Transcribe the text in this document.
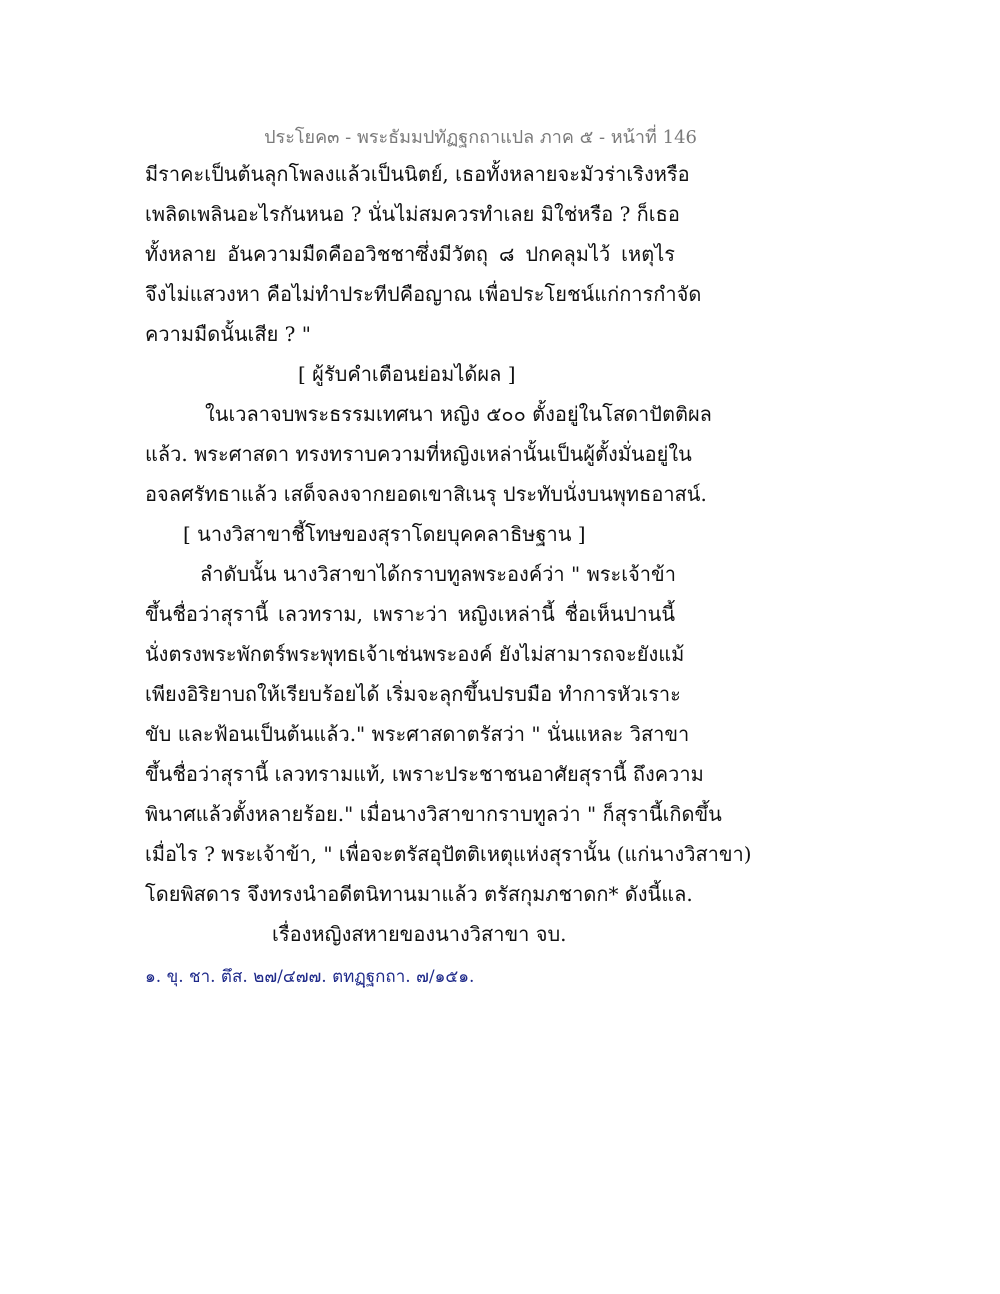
ประโยค๓ - พระธัมมปทัฏฐกถาแปล ภาค ๕ - หน้าที่ 146
มีราคะเป็นต้นลุกโพลงแล้วเป็นนิตย์, เธอทั้งหลายจะมัวร่าเริงหรือ
เพลิดเพลินอะไรกันหนอ ? นั่นไม่สมควรทำเลย มิใช่หรือ ? ก็เธอ
ทั้งหลาย อันความมืดคืออวิชชาซึ่งมีวัตถุ ๘ ปกคลุมไว้ เหตุไร
จึงไม่แสวงหา คือไม่ทำประทีปคือญาณ เพื่อประโยชน์แก่การกำจัด
ความมืดนั้นเสีย ? "
[ ผู้รับคำเตือนย่อมได้ผล ]
ในเวลาจบพระธรรมเทศนา หญิง ๕๐๐ ตั้งอยู่ในโสดาปัตติผล
แล้ว. พระศาสดา ทรงทราบความที่หญิงเหล่านั้นเป็นผู้ตั้งมั่นอยู่ใน
อจลศรัทธาแล้ว เสด็จลงจากยอดเขาสิเนรุ ประทับนั่งบนพุทธอาสน์.
[ นางวิสาขาชี้โทษของสุราโดยบุคคลาธิษฐาน ]
ลำดับนั้น นางวิสาขาได้กราบทูลพระองค์ว่า " พระเจ้าข้า
ขึ้นชื่อว่าสุรานี้ เลวทราม, เพราะว่า หญิงเหล่านี้ ชื่อเห็นปานนี้
นั่งตรงพระพักตร์พระพุทธเจ้าเช่นพระองค์ ยังไม่สามารถจะยังแม้
เพียงอิริยาบถให้เรียบร้อยได้ เริ่มจะลุกขึ้นปรบมือ ทำการหัวเราะ
ขับ และฟ้อนเป็นต้นแล้ว." พระศาสดาตรัสว่า " นั่นแหละ วิสาขา
ขึ้นชื่อว่าสุรานี้ เลวทรามแท้, เพราะประชาชนอาศัยสุรานี้ ถึงความ
พินาศแล้วตั้งหลายร้อย." เมื่อนางวิสาขากราบทูลว่า " ก็สุรานี้เกิดขึ้น
เมื่อไร ? พระเจ้าข้า, " เพื่อจะตรัสอุปัตติเหตุแห่งสุรานั้น (แก่นางวิสาขา)
โดยพิสดาร จึงทรงนำอดีตนิทานมาแล้ว ตรัสกุมภชาดก* ดังนี้แล.
เรื่องหญิงสหายของนางวิสาขา จบ.
๑. ขุ. ชา. ตึส. ๒๗/๔๗๗. ตทฏฺฐกถา. ๗/๑๕๑.
